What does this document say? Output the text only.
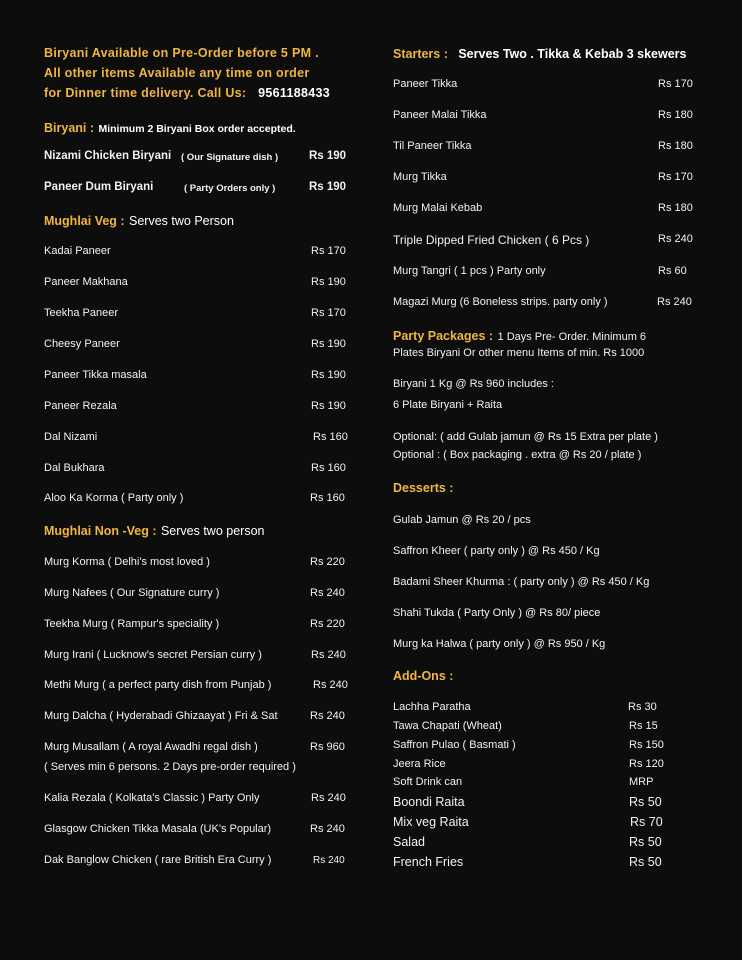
Biryani Available on Pre-Order before 5 PM .
All other items Available any time on order
for Dinner time delivery. Call Us: 9561188433
Biryani : Minimum 2 Biryani Box order accepted.
Nizami Chicken Biryani ( Our Signature dish )	Rs 190
Paneer Dum Biryani	( Party Orders only )	Rs 190
Mughlai Veg : Serves two Person
Kadai Paneer	Rs 170
Paneer Makhana	Rs 190
Teekha Paneer	Rs 170
Cheesy Paneer	Rs 190
Paneer Tikka masala	Rs 190
Paneer Rezala	Rs 190
Dal Nizami	Rs 160
Dal Bukhara	Rs 160
Aloo Ka Korma ( Party only )	Rs 160
Mughlai Non -Veg : Serves two person
Murg Korma ( Delhi's most loved )	Rs 220
Murg Nafees ( Our Signature curry )	Rs 240
Teekha Murg ( Rampur's speciality )	Rs 220
Murg Irani ( Lucknow's secret Persian curry )	Rs 240
Methi Murg ( a perfect party dish from Punjab )	Rs 240
Murg Dalcha ( Hyderabadi Ghizaayat ) Fri & Sat	Rs 240
Murg Musallam ( A royal Awadhi regal dish )	Rs 960
( Serves min 6 persons. 2 Days pre-order required )
Kalia Rezala ( Kolkata's Classic ) Party Only	Rs 240
Glasgow Chicken Tikka Masala (UK's Popular)	Rs 240
Dak Banglow Chicken ( rare British Era Curry )	Rs 240
Starters : Serves Two . Tikka & Kebab 3 skewers
Paneer Tikka	Rs 170
Paneer Malai Tikka	Rs 180
Til Paneer Tikka	Rs 180
Murg Tikka	Rs 170
Murg Malai Kebab	Rs 180
Triple Dipped Fried Chicken ( 6 Pcs )	Rs 240
Murg Tangri ( 1 pcs ) Party only	Rs 60
Magazi Murg (6 Boneless strips. party only )	Rs 240
Party Packages : 1 Days Pre- Order. Minimum 6
Plates Biryani Or other menu Items of min. Rs 1000
Biryani 1 Kg @ Rs 960 includes :
6 Plate Biryani + Raita
Optional: ( add Gulab jamun @ Rs 15 Extra per plate )
Optional : ( Box packaging . extra @ Rs 20 / plate )
Desserts :
Gulab Jamun @ Rs 20 / pcs
Saffron Kheer ( party only ) @ Rs 450 / Kg
Badami Sheer Khurma : ( party only ) @ Rs 450 / Kg
Shahi Tukda ( Party Only ) @ Rs 80/ piece
Murg ka Halwa ( party only ) @ Rs 950 / Kg
Add-Ons :
Lachha Paratha	Rs 30
Tawa Chapati (Wheat)	Rs 15
Saffron Pulao ( Basmati )	Rs 150
Jeera Rice	Rs 120
Soft Drink can	MRP
Boondi Raita	Rs 50
Mix veg Raita	Rs 70
Salad	Rs 50
French Fries	Rs 50
